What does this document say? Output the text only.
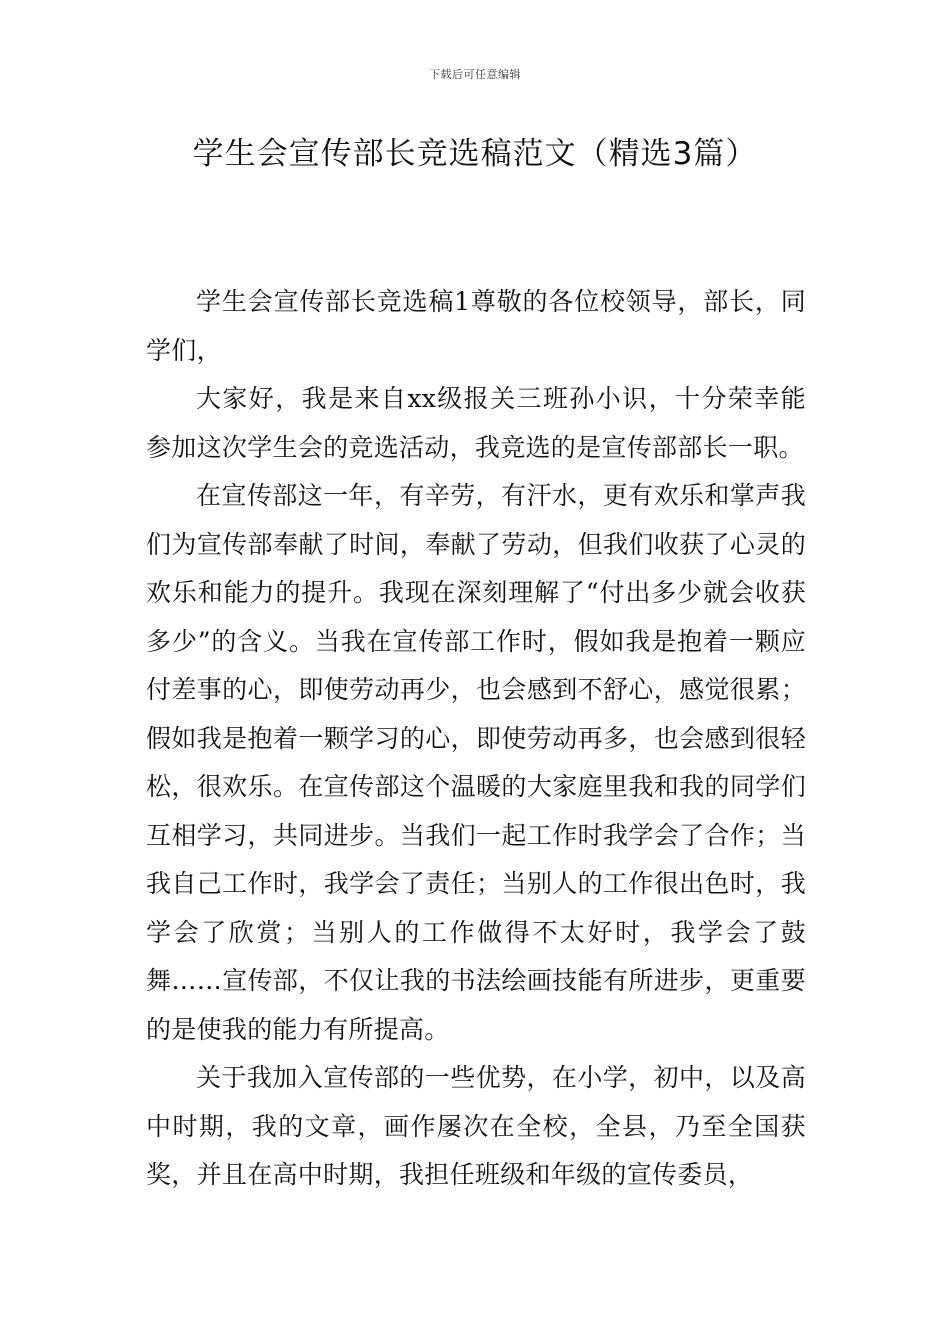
下载后可任意编辑
学生会宣传部长竞选稿范文（精选3篇）

学生会宣传部长竞选稿1尊敬的各位校领导，部长，同学们，

大家好，我是来自xx级报关三班孙小识，十分荣幸能参加这次学生会的竞选活动，我竞选的是宣传部部长一职。

在宣传部这一年，有辛劳，有汗水，更有欢乐和掌声我们为宣传部奉献了时间，奉献了劳动，但我们收获了心灵的欢乐和能力的提升。我现在深刻理解了“付出多少就会收获多少”的含义。当我在宣传部工作时，假如我是抱着一颗应付差事的心，即使劳动再少，也会感到不舒心，感觉很累；假如我是抱着一颗学习的心，即使劳动再多，也会感到很轻松，很欢乐。在宣传部这个温暖的大家庭里我和我的同学们互相学习，共同进步。当我们一起工作时我学会了合作；当我自己工作时，我学会了责任；当别人的工作很出色时，我学会了欣赏；当别人的工作做得不太好时，我学会了鼓舞……宣传部，不仅让我的书法绘画技能有所进步，更重要的是使我的能力有所提高。

关于我加入宣传部的一些优势，在小学，初中，以及高中时期，我的文章，画作屡次在全校，全县，乃至全国获奖，并且在高中时期，我担任班级和年级的宣传委员，
